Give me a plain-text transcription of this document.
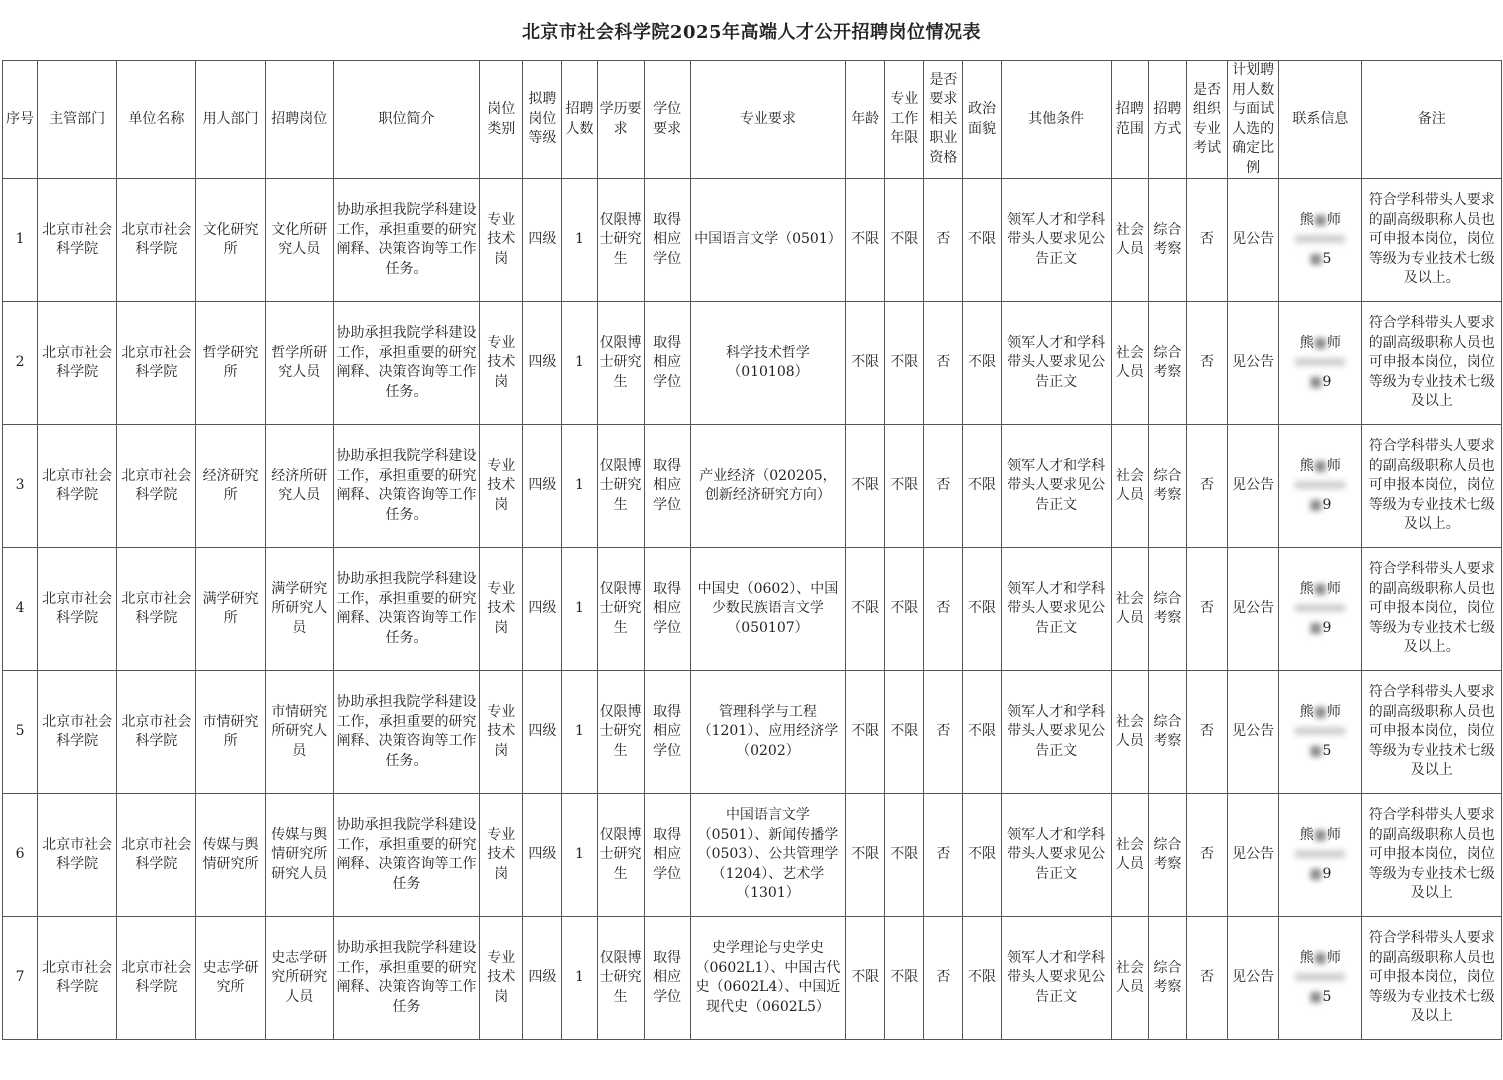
北京市社会科学院2025年高端人才公开招聘岗位情况表
序号	主管部门	单位名称	用人部门	招聘岗位	职位简介	岗位类别	拟聘岗位等级	招聘人数	学历要求	学位要求	专业要求	年龄	专业工作年限	是否要求相关职业资格	政治面貌	其他条件	招聘范围	招聘方式	是否组织专业考试	计划聘用人数与面试人选的确定比例	联系信息	备注
1	北京市社会科学院	北京市社会科学院	文化研究所	文化所研究人员	协助承担我院学科建设工作，承担重要的研究阐释、决策咨询等工作任务。	专业技术岗	四级	1	仅限博士研究生	取得相应学位	中国语言文学（0501）	不限	不限	否	不限	领军人才和学科带头人要求见公告正文	社会人员	综合考察	否	见公告	熊■师
■5	符合学科带头人要求的副高级职称人员也可申报本岗位，岗位等级为专业技术七级及以上。
2	北京市社会科学院	北京市社会科学院	哲学研究所	哲学所研究人员	协助承担我院学科建设工作，承担重要的研究阐释、决策咨询等工作任务。	专业技术岗	四级	1	仅限博士研究生	取得相应学位	科学技术哲学（010108）	不限	不限	否	不限	领军人才和学科带头人要求见公告正文	社会人员	综合考察	否	见公告	熊■师
■9	符合学科带头人要求的副高级职称人员也可申报本岗位，岗位等级为专业技术七级及以上
3	北京市社会科学院	北京市社会科学院	经济研究所	经济所研究人员	协助承担我院学科建设工作，承担重要的研究阐释、决策咨询等工作任务。	专业技术岗	四级	1	仅限博士研究生	取得相应学位	产业经济（020205，创新经济研究方向）	不限	不限	否	不限	领军人才和学科带头人要求见公告正文	社会人员	综合考察	否	见公告	熊■师
■9	符合学科带头人要求的副高级职称人员也可申报本岗位，岗位等级为专业技术七级及以上。
4	北京市社会科学院	北京市社会科学院	满学研究所	满学研究所研究人员	协助承担我院学科建设工作，承担重要的研究阐释、决策咨询等工作任务。	专业技术岗	四级	1	仅限博士研究生	取得相应学位	中国史（0602）、中国少数民族语言文学（050107）	不限	不限	否	不限	领军人才和学科带头人要求见公告正文	社会人员	综合考察	否	见公告	熊■师
■9	符合学科带头人要求的副高级职称人员也可申报本岗位，岗位等级为专业技术七级及以上。
5	北京市社会科学院	北京市社会科学院	市情研究所	市情研究所研究人员	协助承担我院学科建设工作，承担重要的研究阐释、决策咨询等工作任务。	专业技术岗	四级	1	仅限博士研究生	取得相应学位	管理科学与工程（1201）、应用经济学（0202）	不限	不限	否	不限	领军人才和学科带头人要求见公告正文	社会人员	综合考察	否	见公告	熊■师
■5	符合学科带头人要求的副高级职称人员也可申报本岗位，岗位等级为专业技术七级及以上
6	北京市社会科学院	北京市社会科学院	传媒与舆情研究所	传媒与舆情研究所研究人员	协助承担我院学科建设工作，承担重要的研究阐释、决策咨询等工作任务	专业技术岗	四级	1	仅限博士研究生	取得相应学位	中国语言文学（0501）、新闻传播学（0503）、公共管理学（1204）、艺术学（1301）	不限	不限	否	不限	领军人才和学科带头人要求见公告正文	社会人员	综合考察	否	见公告	熊■师
■9	符合学科带头人要求的副高级职称人员也可申报本岗位，岗位等级为专业技术七级及以上
7	北京市社会科学院	北京市社会科学院	史志学研究所	史志学研究所研究人员	协助承担我院学科建设工作，承担重要的研究阐释、决策咨询等工作任务	专业技术岗	四级	1	仅限博士研究生	取得相应学位	史学理论与史学史（0602L1）、中国古代史（0602L4）、中国近现代史（0602L5）	不限	不限	否	不限	领军人才和学科带头人要求见公告正文	社会人员	综合考察	否	见公告	熊■师
■5	符合学科带头人要求的副高级职称人员也可申报本岗位，岗位等级为专业技术七级及以上
